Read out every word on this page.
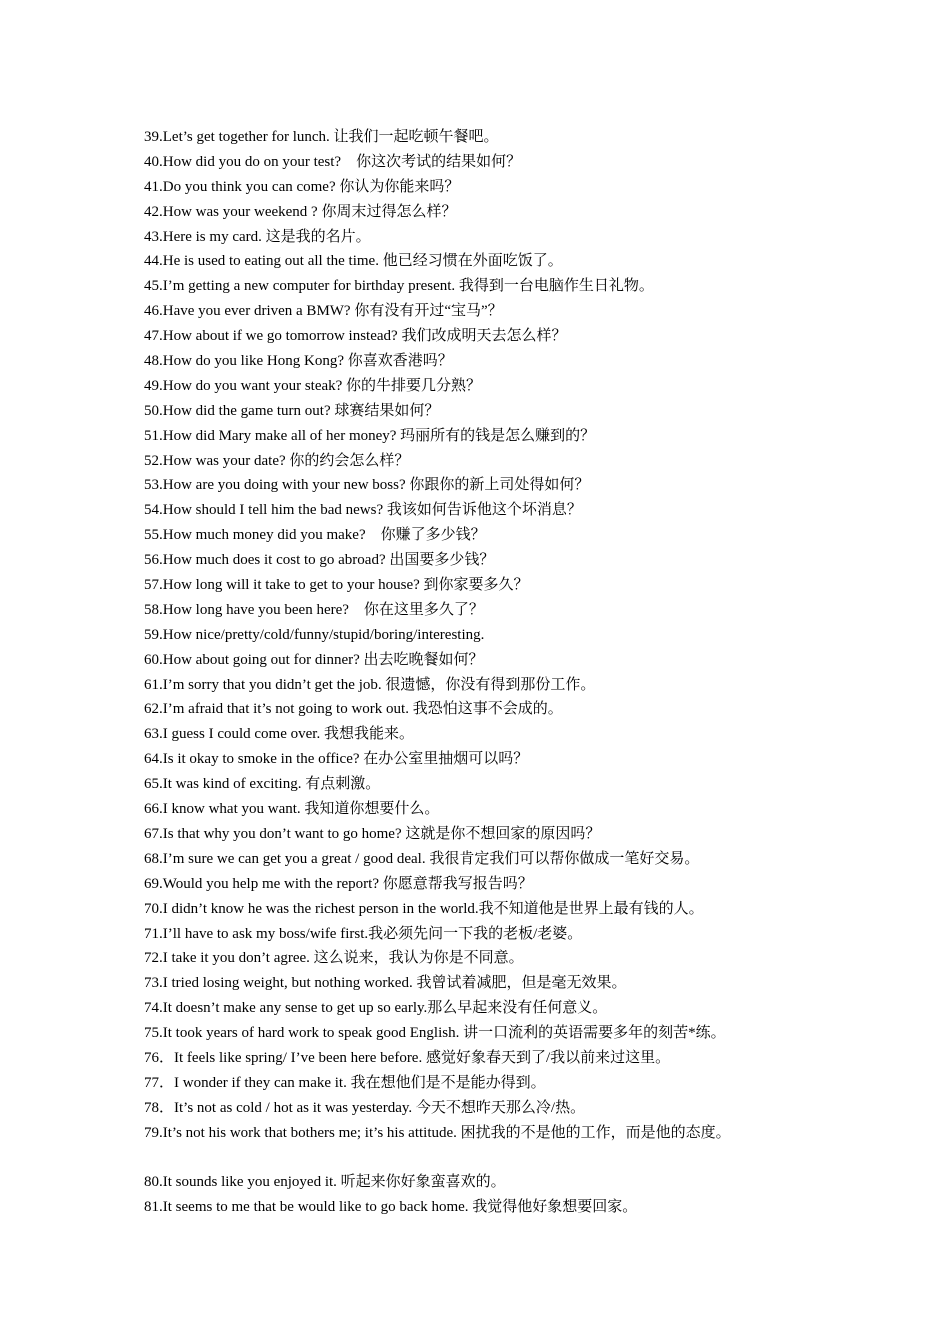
39.Let’s get together for lunch. 让我们一起吃顿午餐吧。
40.How did you do on your test?　你这次考试的结果如何？
41.Do you think you can come? 你认为你能来吗？
42.How was your weekend ? 你周末过得怎么样？
43.Here is my card. 这是我的名片。
44.He is used to eating out all the time. 他已经习惯在外面吃饭了。
45.I’m getting a new computer for birthday present. 我得到一台电脑作生日礼物。
46.Have you ever driven a BMW? 你有没有开过“宝马”？
47.How about if we go tomorrow instead? 我们改成明天去怎么样？
48.How do you like Hong Kong? 你喜欢香港吗？
49.How do you want your steak? 你的牛排要几分熟？
50.How did the game turn out? 球赛结果如何？
51.How did Mary make all of her money? 玛丽所有的钱是怎么赚到的？
52.How was your date? 你的约会怎么样？
53.How are you doing with your new boss? 你跟你的新上司处得如何？
54.How should I tell him the bad news? 我该如何告诉他这个坏消息？
55.How much money did you make?　你赚了多少钱？
56.How much does it cost to go abroad? 出国要多少钱？
57.How long will it take to get to your house? 到你家要多久？
58.How long have you been here?　你在这里多久了？
59.How nice/pretty/cold/funny/stupid/boring/interesting.
60.How about going out for dinner? 出去吃晚餐如何？
61.I’m sorry that you didn’t get the job. 很遗憾，你没有得到那份工作。
62.I’m afraid that it’s not going to work out. 我恐怕这事不会成的。
63.I guess I could come over. 我想我能来。
64.Is it okay to smoke in the office? 在办公室里抽烟可以吗？
65.It was kind of exciting. 有点刺激。
66.I know what you want. 我知道你想要什么。
67.Is that why you don’t want to go home? 这就是你不想回家的原因吗？
68.I’m sure we can get you a great / good deal. 我很肯定我们可以帮你做成一笔好交易。
69.Would you help me with the report? 你愿意帮我写报告吗？
70.I didn’t know he was the richest person in the world.我不知道他是世界上最有钱的人。
71.I’ll have to ask my boss/wife first.我必须先问一下我的老板/老婆。
72.I take it you don’t agree. 这么说来，我认为你是不同意。
73.I tried losing weight, but nothing worked. 我曾试着减肥，但是毫无效果。
74.It doesn’t make any sense to get up so early.那么早起来没有任何意义。
75.It took years of hard work to speak good English. 讲一口流利的英语需要多年的刻苦*练。
76．It feels like spring/ I’ve been here before. 感觉好象春天到了/我以前来过这里。
77．I wonder if they can make it. 我在想他们是不是能办得到。
78．It’s not as cold / hot as it was yesterday. 今天不想昨天那么冷/热。
79.It’s not his work that bothers me; it’s his attitude. 困扰我的不是他的工作，而是他的态度。
80.It sounds like you enjoyed it. 听起来你好象蛮喜欢的。
81.It seems to me that be would like to go back home. 我觉得他好象想要回家。
